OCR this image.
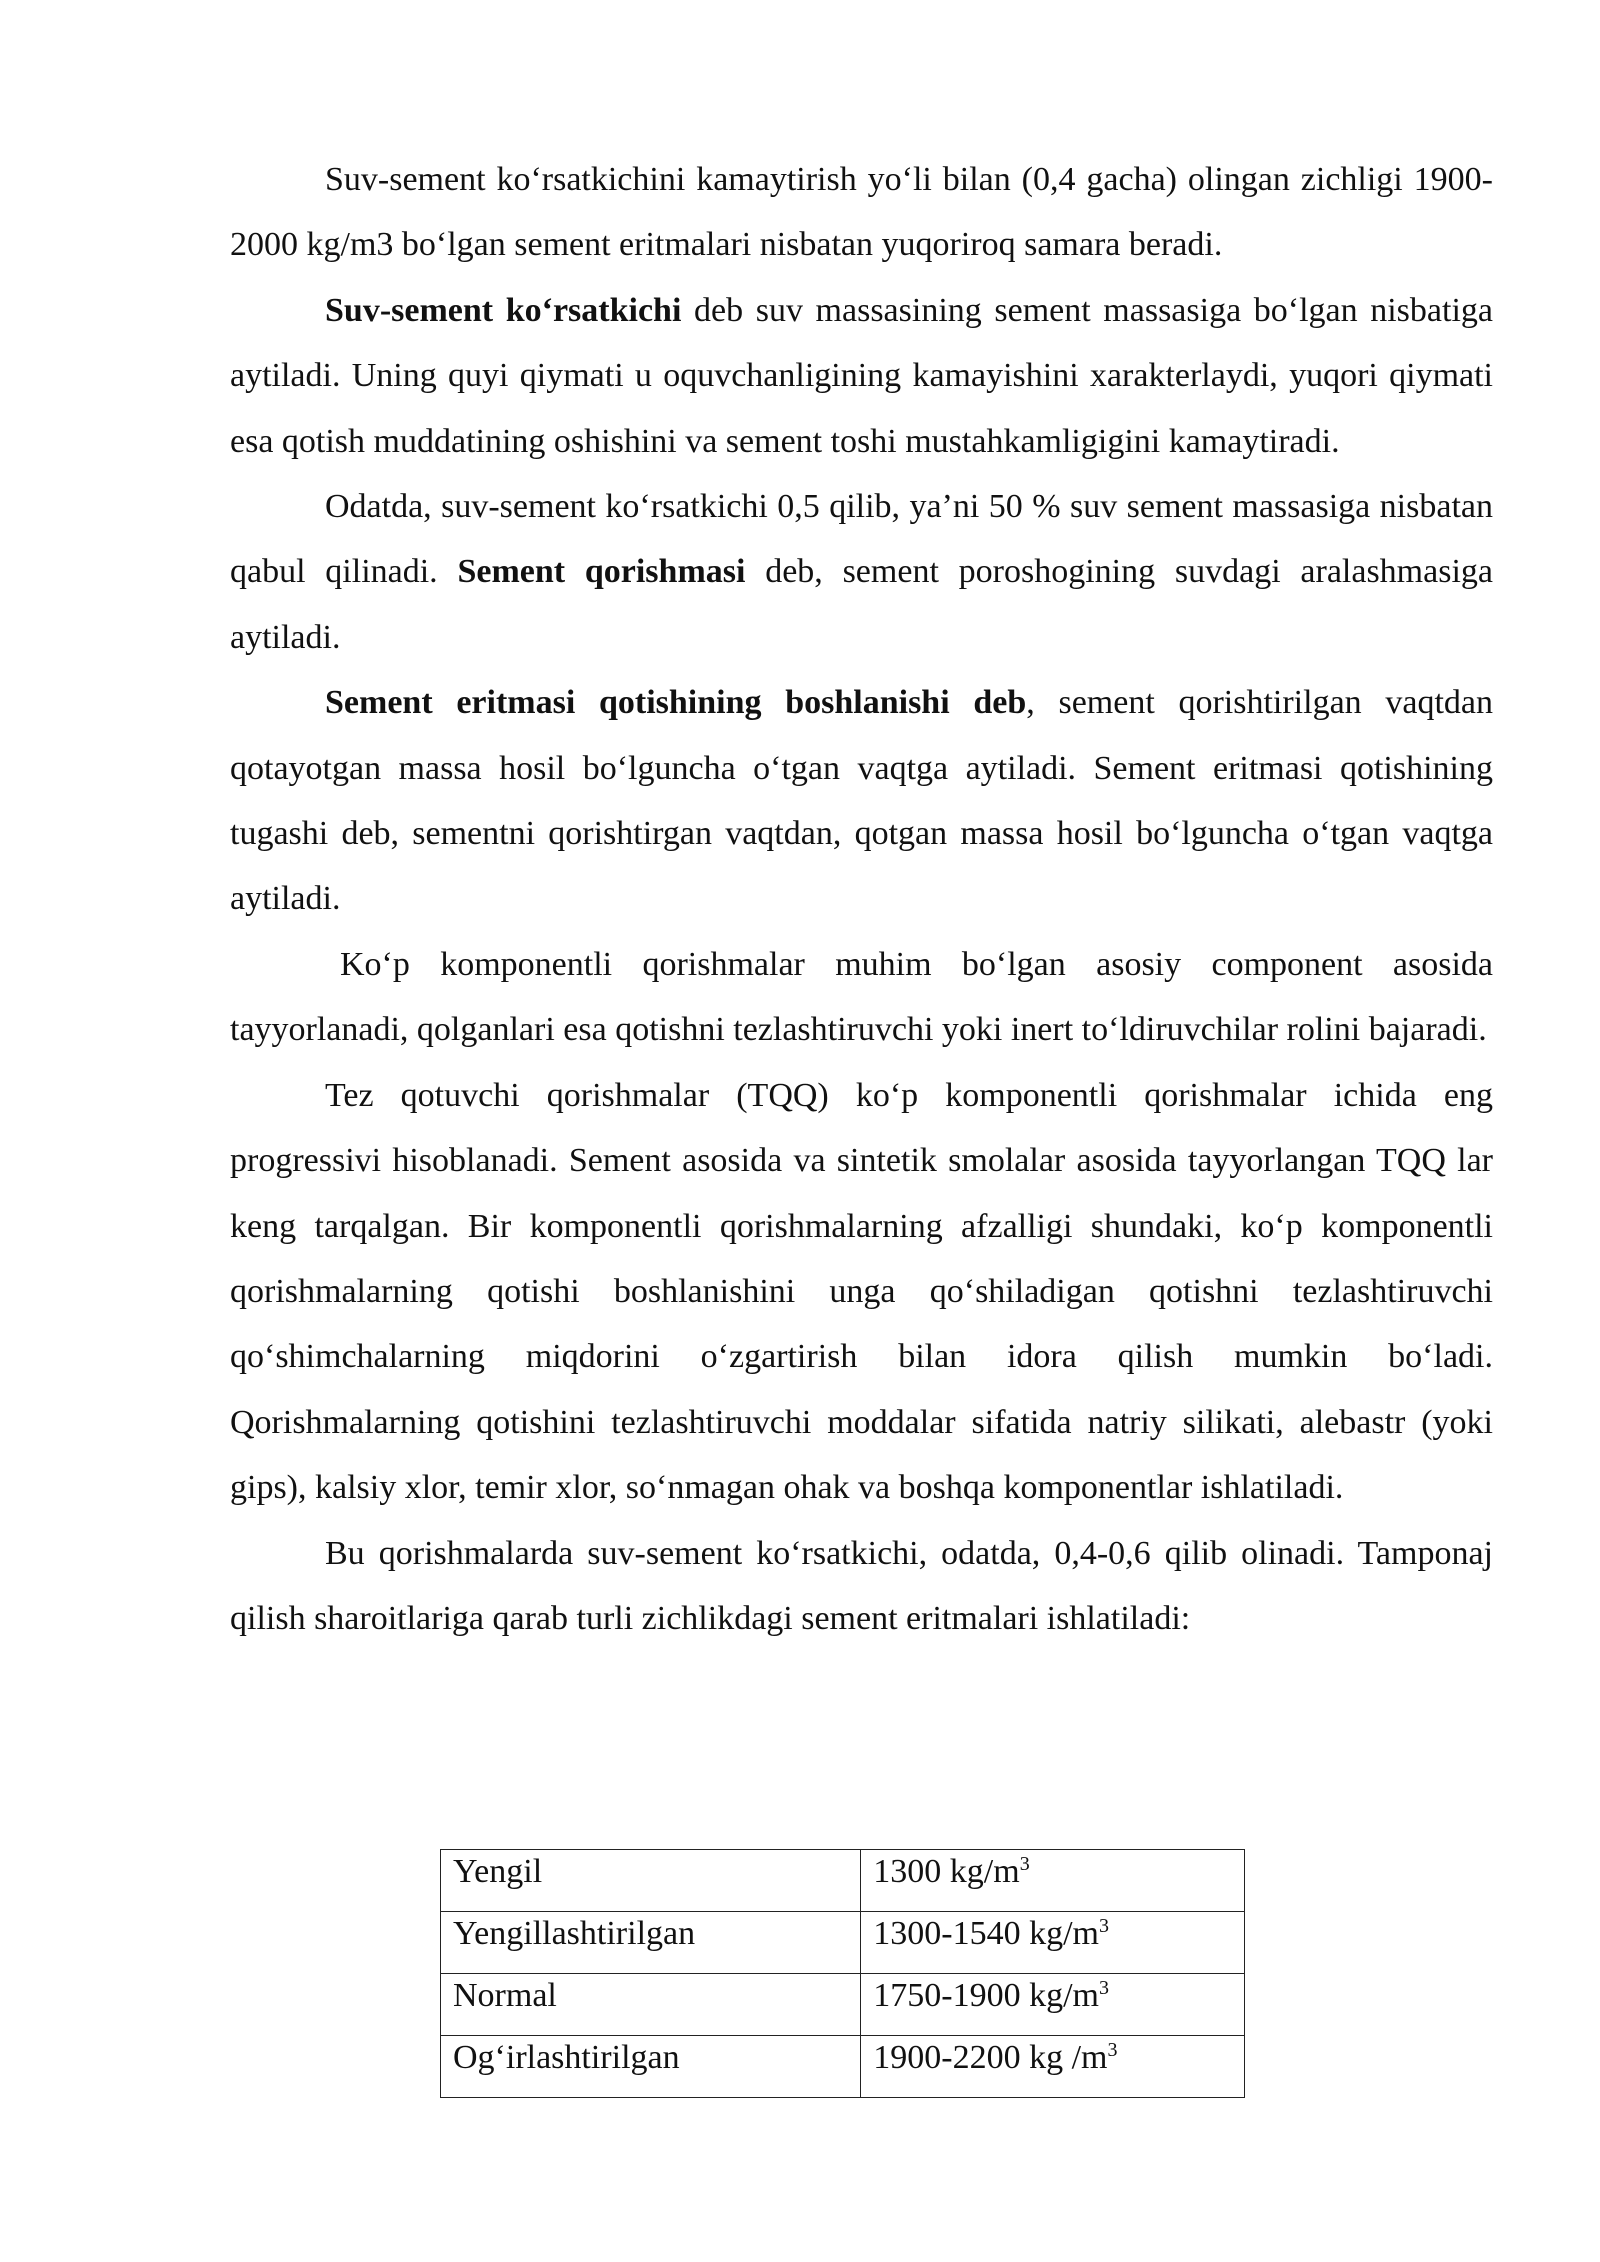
Suv-sement ko‘rsatkichini kamaytirish yo‘li bilan (0,4 gacha) olingan zichligi 1900-2000 kg/m3 bo‘lgan sement eritmalari nisbatan yuqoriroq samara beradi.

Suv-sement ko‘rsatkichi deb suv massasining sement massasiga bo‘lgan nisbatiga aytiladi. Uning quyi qiymati u oquvchanligining kamayishini xarakterlaydi, yuqori qiymati esa qotish muddatining oshishini va sement toshi mustahkamligigini kamaytiradi.

Odatda, suv-sement ko‘rsatkichi 0,5 qilib, ya’ni 50 % suv sement massasiga nisbatan qabul qilinadi. Sement qorishmasi deb, sement poroshogining suvdagi aralashmasiga aytiladi.

Sement eritmasi qotishining boshlanishi deb, sement qorishtirilgan vaqtdan qotayotgan massa hosil bo‘lguncha o‘tgan vaqtga aytiladi. Sement eritmasi qotishining tugashi deb, sementni qorishtirgan vaqtdan, qotgan massa hosil bo‘lguncha o‘tgan vaqtga aytiladi.

Ko‘p komponentli qorishmalar muhim bo‘lgan asosiy component asosida tayyorlanadi, qolganlari esa qotishni tezlashtiruvchi yoki inert to‘ldiruvchilar rolini bajaradi.

Tez qotuvchi qorishmalar (TQQ) ko‘p komponentli qorishmalar ichida eng progressivi hisoblanadi. Sement asosida va sintetik smolalar asosida tayyorlangan TQQ lar keng tarqalgan. Bir komponentli qorishmalarning afzalligi shundaki, ko‘p komponentli qorishmalarning qotishi boshlanishini unga qo‘shiladigan qotishni tezlashtiruvchi qo‘shimchalarning miqdorini o‘zgartirish bilan idora qilish mumkin bo‘ladi. Qorishmalarning qotishini tezlashtiruvchi moddalar sifatida natriy silikati, alebastr (yoki gips), kalsiy xlor, temir xlor, so‘nmagan ohak va boshqa komponentlar ishlatiladi.

Bu qorishmalarda suv-sement ko‘rsatkichi, odatda, 0,4-0,6 qilib olinadi. Tamponaj qilish sharoitlariga qarab turli zichlikdagi sement eritmalari ishlatiladi:

Yengil	1300 $kg/m^3$
Yengillashtirilgan	1300-1540 $kg/m^3$
Normal	1750-1900 $kg/m^3$
Og‘irlashtirilgan	1900-2200 kg $/m^3$
